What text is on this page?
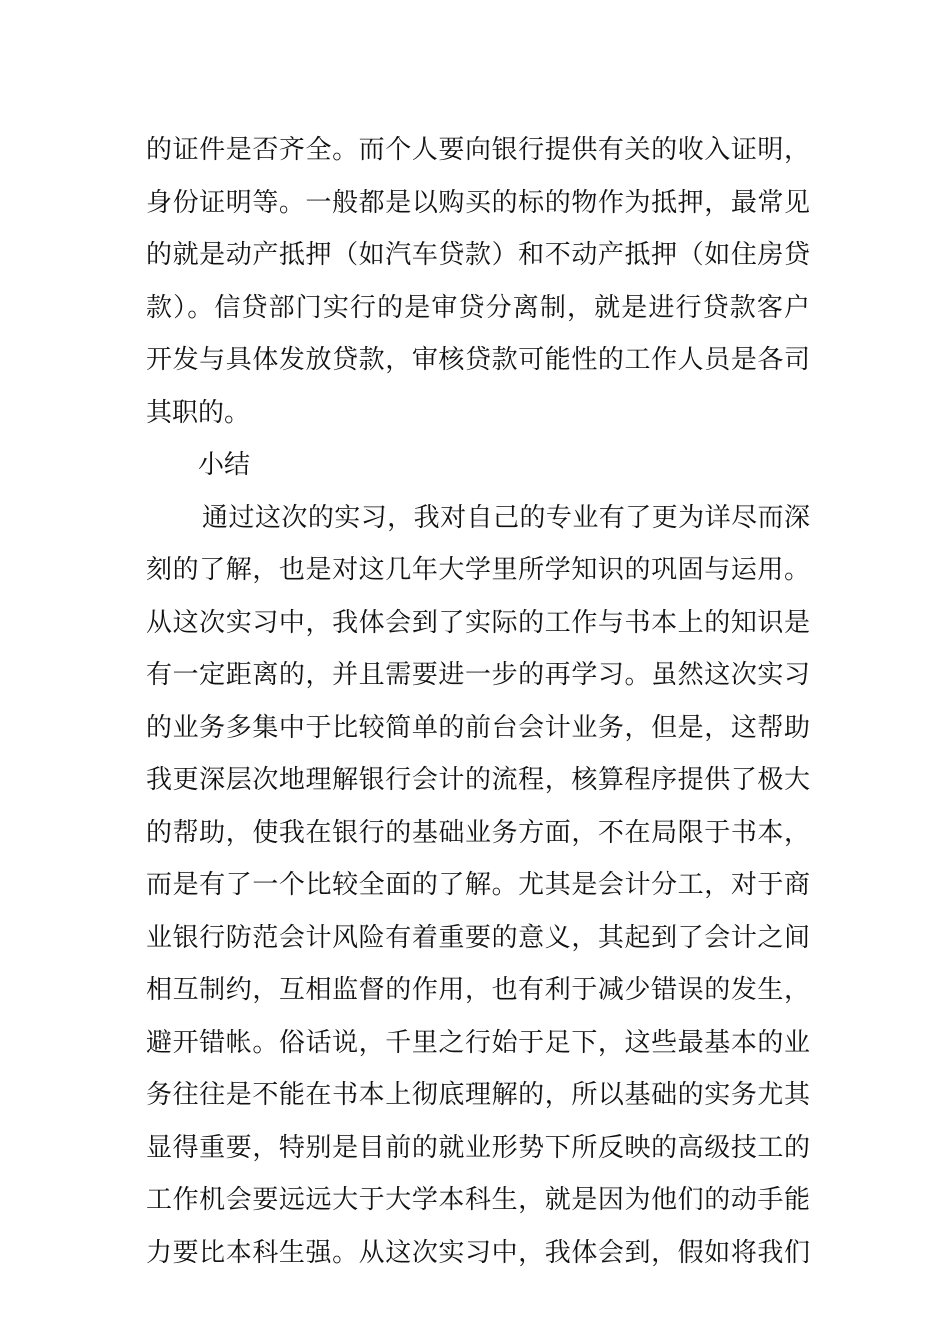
的证件是否齐全。而个人要向银行提供有关的收入证明，
身份证明等。一般都是以购买的标的物作为抵押，最常见
的就是动产抵押（如汽车贷款）和不动产抵押（如住房贷
款）。信贷部门实行的是审贷分离制，就是进行贷款客户
开发与具体发放贷款，审核贷款可能性的工作人员是各司
其职的。
小结
通过这次的实习，我对自己的专业有了更为详尽而深
刻的了解，也是对这几年大学里所学知识的巩固与运用。
从这次实习中，我体会到了实际的工作与书本上的知识是
有一定距离的，并且需要进一步的再学习。虽然这次实习
的业务多集中于比较简单的前台会计业务，但是，这帮助
我更深层次地理解银行会计的流程，核算程序提供了极大
的帮助，使我在银行的基础业务方面，不在局限于书本，
而是有了一个比较全面的了解。尤其是会计分工，对于商
业银行防范会计风险有着重要的意义，其起到了会计之间
相互制约，互相监督的作用，也有利于减少错误的发生，
避开错帐。俗话说，千里之行始于足下，这些最基本的业
务往往是不能在书本上彻底理解的，所以基础的实务尤其
显得重要，特别是目前的就业形势下所反映的高级技工的
工作机会要远远大于大学本科生，就是因为他们的动手能
力要比本科生强。从这次实习中，我体会到，假如将我们
